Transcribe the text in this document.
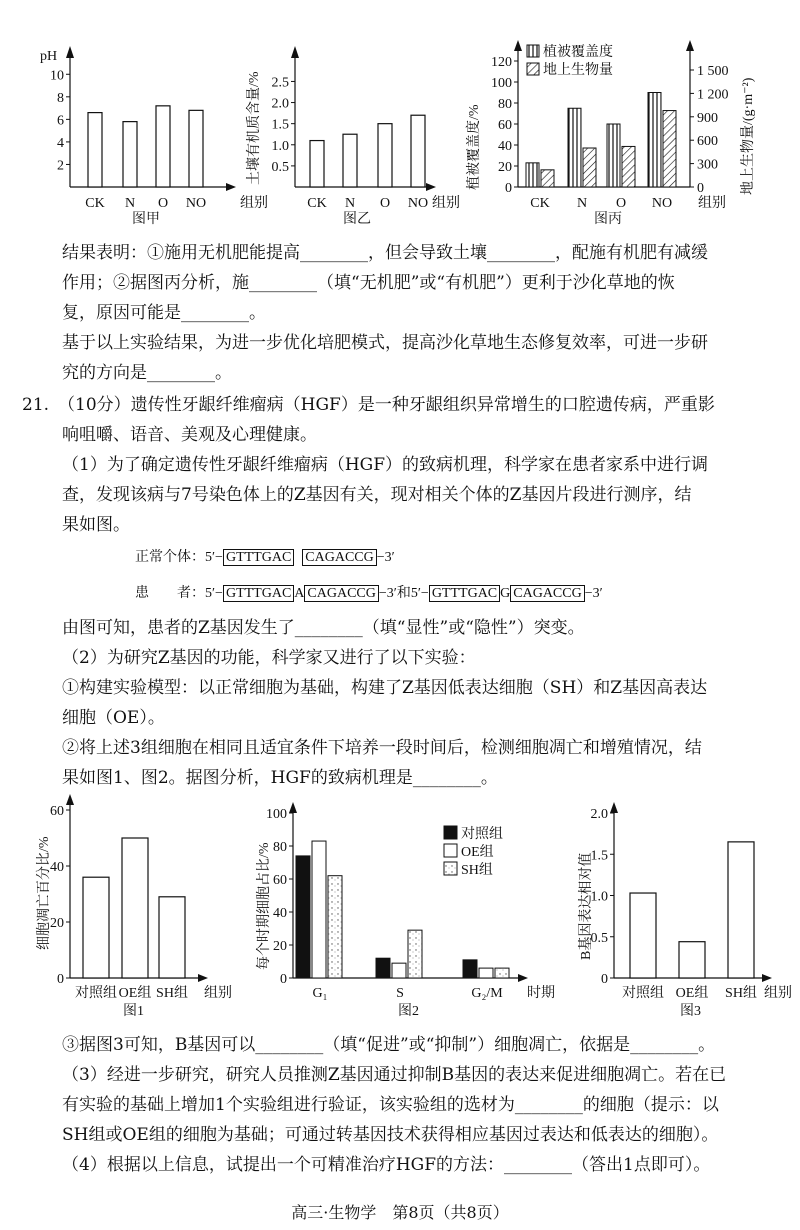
pH
10
8
6
4
2
CK N O NO 组别
图甲
土壤有机质含量/% 2.5
2.0
1.5
1.0
0.5
CK N O NO 组别
图乙
植被覆盖度/%
120
100
80
60
40
20
0
1 500
1 200
900
600
300
0
CK N O NO
植被覆盖度
地上生物量
地上生物量/(g·m⁻²)
组别
图丙
细胞凋亡百分比/%
60
40
20
0
对照组 OE组 SH组 组别
图1
每个时期细胞占比/%
100
80
60
40
20
0
G₁	S	G₂/M
对照组
OE组
SH组
时期
图2
B基因表达相对值
2.0
1.5
1.0
0.5
0
对照组 OE组 SH组 组别
图3
结果表明：①施用无机肥能提高________，但会导致土壤________，配施有机肥有减缓
作用；②据图丙分析，施________（填“无机肥”或“有机肥”）更利于沙化草地的恢
复，原因可能是________。
基于以上实验结果，为进一步优化培肥模式，提高沙化草地生态修复效率，可进一步研
究的方向是________。
21. （10分）遗传性牙龈纤维瘤病（HGF）是一种牙龈组织异常增生的口腔遗传病，严重影
响咀嚼、语音、美观及心理健康。
（1）为了确定遗传性牙龈纤维瘤病（HGF）的致病机理，科学家在患者家系中进行调
查，发现该病与7号染色体上的Z基因有关，现对相关个体的Z基因片段进行测序，结
果如图。
正常个体：5′− GTTTGAC CAGACCG −3′
患　　者：5′− GTTTGAC A CAGACCG −3′和5′− GTTTGAC G CAGACCG −3′
由图可知，患者的Z基因发生了________（填“显性”或“隐性”）突变。
（2）为研究Z基因的功能，科学家又进行了以下实验：
①构建实验模型：以正常细胞为基础，构建了Z基因低表达细胞（SH）和Z基因高表达
细胞（OE）。
②将上述3组细胞在相同且适宜条件下培养一段时间后，检测细胞凋亡和增殖情况，结
果如图1、图2。据图分析，HGF的致病机理是________。
③据图3可知，B基因可以________（填“促进”或“抑制”）细胞凋亡，依据是________。
（3）经进一步研究，研究人员推测Z基因通过抑制B基因的表达来促进细胞凋亡。若在已
有实验的基础上增加1个实验组进行验证，该实验组的选材为________的细胞（提示：以
SH组或OE组的细胞为基础；可通过转基因技术获得相应基因过表达和低表达的细胞）。
（4）根据以上信息，试提出一个可精准治疗HGF的方法：________（答出1点即可）。
高三·生物学　第8页（共8页）
